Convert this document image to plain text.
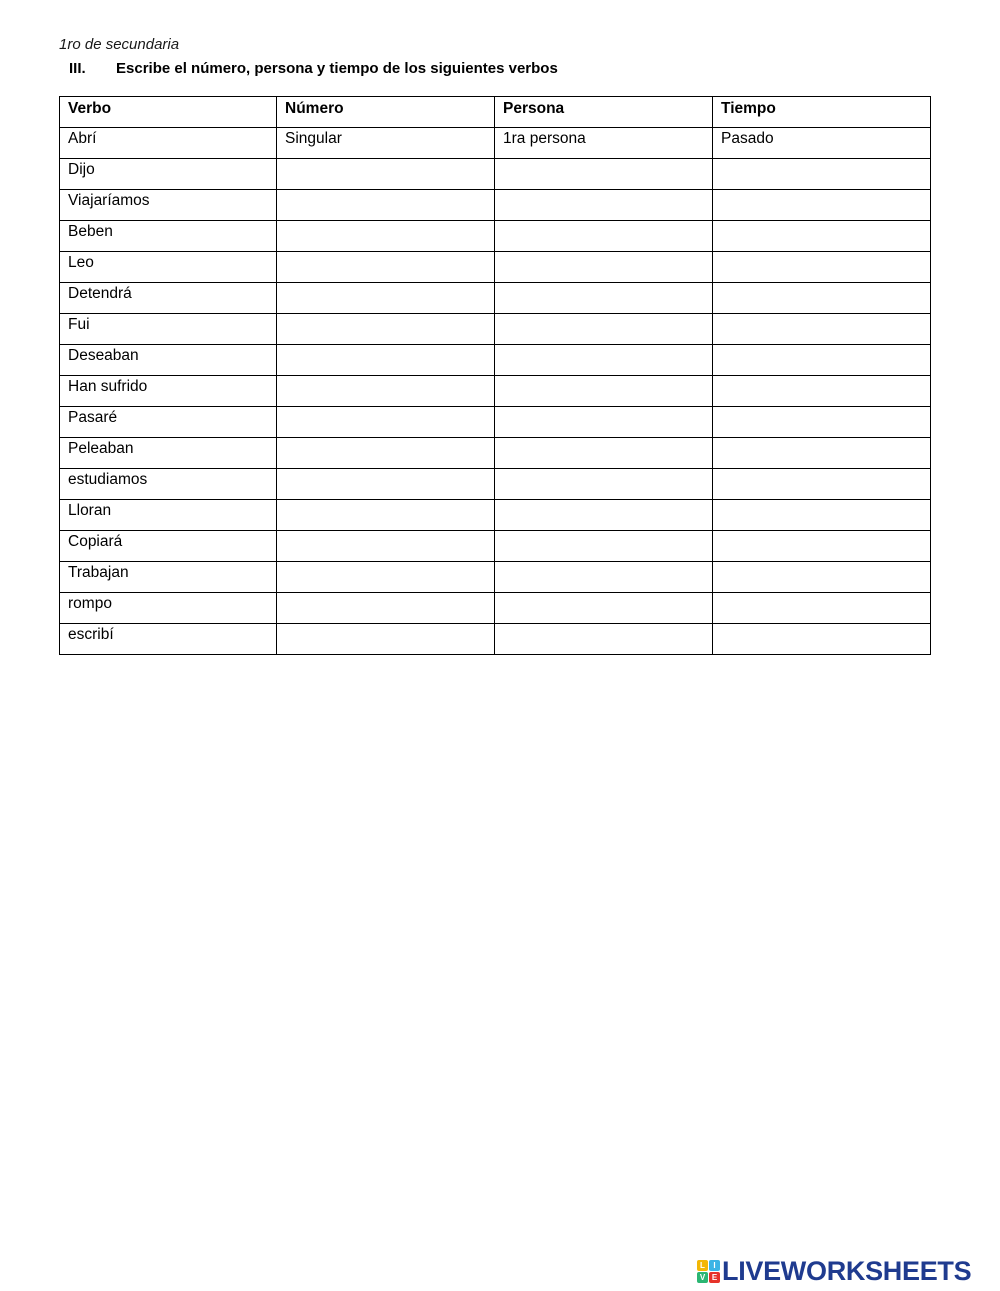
1ro de secundaria
III.	Escribe el número, persona y tiempo de los siguientes verbos
Verbo	Número	Persona	Tiempo
Abrí	Singular	1ra persona	Pasado
Dijo			
Viajaríamos			
Beben			
Leo			
Detendrá			
Fui			
Deseaban			
Han sufrido			
Pasaré			
Peleaban			
estudiamos			
Lloran			
Copiará			
Trabajan			
rompo			
escribí			
L	I
V E LIVEWORKSHEETS
